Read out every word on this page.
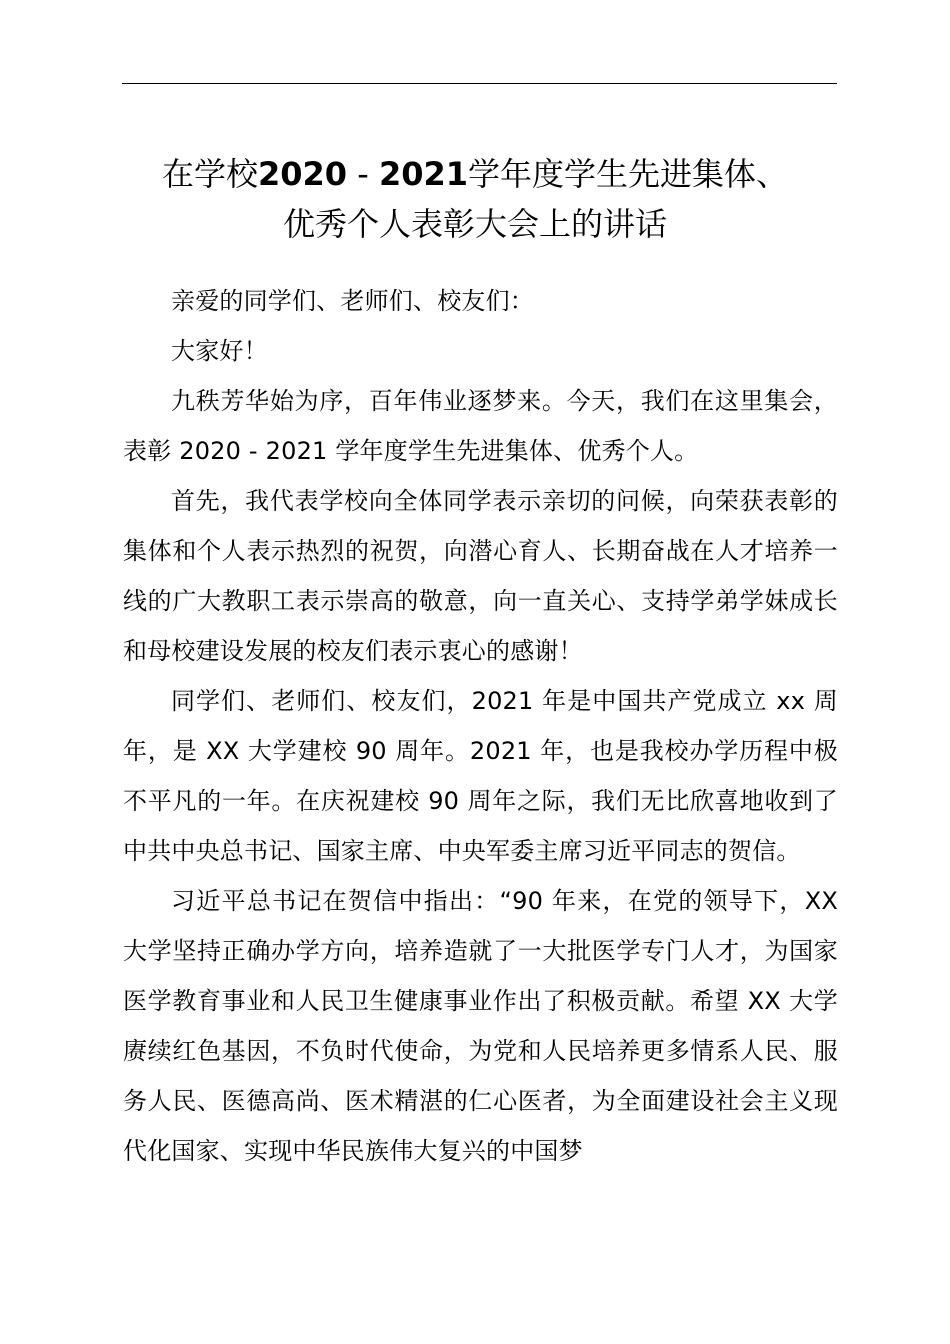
在学校2020 - 2021学年度学生先进集体、
优秀个人表彰大会上的讲话

亲爱的同学们、老师们、校友们：

大家好！

九秩芳华始为序，百年伟业逐梦来。今天，我们在这里集会，表彰 2020 - 2021 学年度学生先进集体、优秀个人。

首先，我代表学校向全体同学表示亲切的问候，向荣获表彰的集体和个人表示热烈的祝贺，向潜心育人、长期奋战在人才培养一线的广大教职工表示崇高的敬意，向一直关心、支持学弟学妹成长和母校建设发展的校友们表示衷心的感谢！

同学们、老师们、校友们，2021 年是中国共产党成立 xx 周年，是 XX 大学建校 90 周年。2021 年，也是我校办学历程中极不平凡的一年。在庆祝建校 90 周年之际，我们无比欣喜地收到了中共中央总书记、国家主席、中央军委主席习近平同志的贺信。

习近平总书记在贺信中指出：“90 年来，在党的领导下，XX 大学坚持正确办学方向，培养造就了一大批医学专门人才，为国家医学教育事业和人民卫生健康事业作出了积极贡献。希望 XX 大学赓续红色基因，不负时代使命，为党和人民培养更多情系人民、服务人民、医德高尚、医术精湛的仁心医者，为全面建设社会主义现代化国家、实现中华民族伟大复兴的中国梦
